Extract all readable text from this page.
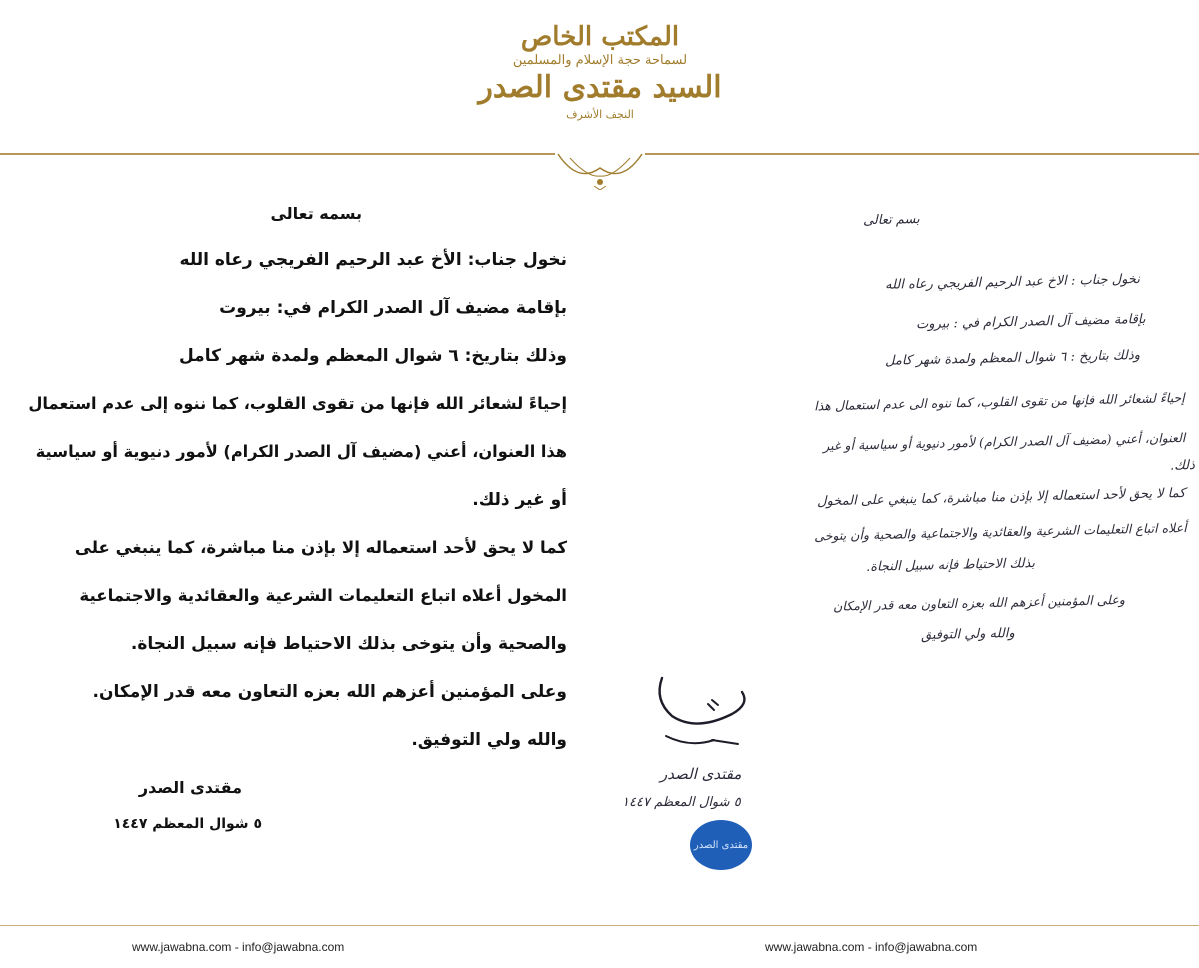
المكتب الخاص
لسماحة حجة الإسلام والمسلمين
السيد مقتدى الصدر
النجف الأشرف
بسمه تعالى
نخول جناب: الأخ عبد الرحيم الفريجي رعاه الله
بإقامة مضيف آل الصدر الكرام في: بيروت
وذلك بتاريخ: ٦ شوال المعظم ولمدة شهر كامل
إحياءً لشعائر الله فإنها من تقوى القلوب، كما ننوه إلى عدم استعمال
هذا العنوان، أعني (مضيف آل الصدر الكرام) لأمور دنيوية أو سياسية
أو غير ذلك.
كما لا يحق لأحد استعماله إلا بإذن منا مباشرة، كما ينبغي على
المخول أعلاه اتباع التعليمات الشرعية والعقائدية والاجتماعية
والصحية وأن يتوخى بذلك الاحتياط فإنه سبيل النجاة.
وعلى المؤمنين أعزهم الله بعزه التعاون معه قدر الإمكان.
والله ولي التوفيق.
مقتدى الصدر
٥ شوال المعظم ١٤٤٧
بسم تعالى
نخول جناب : الاخ عبد الرحيم الفريجي رعاه الله
بإقامة مضيف آل الصدر الكرام في : بيروت
وذلك بتاريخ : ٦ شوال المعظم ولمدة شهر كامل
إحياءً لشعائر الله فإنها من تقوى القلوب، كما ننوه الى عدم استعمال هذا
العنوان، أعني (مضيف آل الصدر الكرام) لأمور دنيوية أو سياسية أو غير
ذلك.
كما لا يحق لأحد استعماله إلا بإذن منا مباشرة، كما ينبغي على المخول
أعلاه اتباع التعليمات الشرعية والعقائدية والاجتماعية والصحية وأن يتوخى
بذلك الاحتياط فإنه سبيل النجاة.
وعلى المؤمنين أعزهم الله بعزه التعاون معه قدر الإمكان
والله ولي التوفيق
مقتدى الصدر
٥ شوال المعظم ١٤٤٧
مقتدى الصدر
www.jawabna.com - info@jawabna.com	www.jawabna.com - info@jawabna.com
